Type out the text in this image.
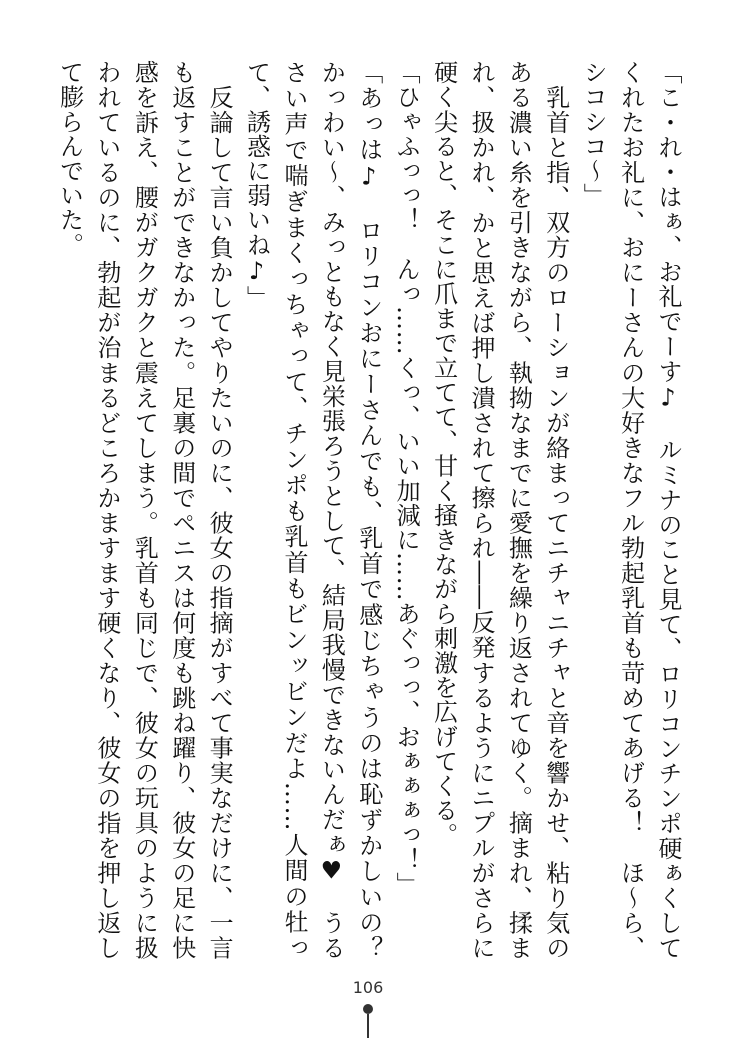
「こ・れ・はぁ、お礼でーす♪　ルミナのこと見て、ロリコンチンポ硬ぁくしてくれたお礼に、おにーさんの大好きなフル勃起乳首も苛めてあげる！　ほ～ら、シコシコ～」

　乳首と指、双方のローションが絡まってニチャニチャと音を響かせ、粘り気のある濃い糸を引きながら、執拗なまでに愛撫を繰り返されてゆく。摘まれ、揉まれ、扱かれ、かと思えば押し潰されて擦られ――反発するようにニプルがさらに硬く尖ると、そこに爪まで立てて、甘く掻きながら刺激を広げてくる。

「ひゃふっっ！　んっ……くっ、いい加減に……あぐっっ、おぁぁぁっ！」

「あっは♪　ロリコンおにーさんでも、乳首で感じちゃうのは恥ずかしいの？　かっわい～、みっともなく見栄張ろうとして、結局我慢できないんだぁ♥　うるさい声で喘ぎまくっちゃって、チンポも乳首もビンッビンだよ……人間の牡って、誘惑に弱いね♪」

　反論して言い負かしてやりたいのに、彼女の指摘がすべて事実なだけに、一言も返すことができなかった。足裏の間でペニスは何度も跳ね躍り、彼女の足に快感を訴え、腰がガクガクと震えてしまう。乳首も同じで、彼女の玩具のように扱われているのに、勃起が治まるどころかますます硬くなり、彼女の指を押し返して膨らんでいた。

106
